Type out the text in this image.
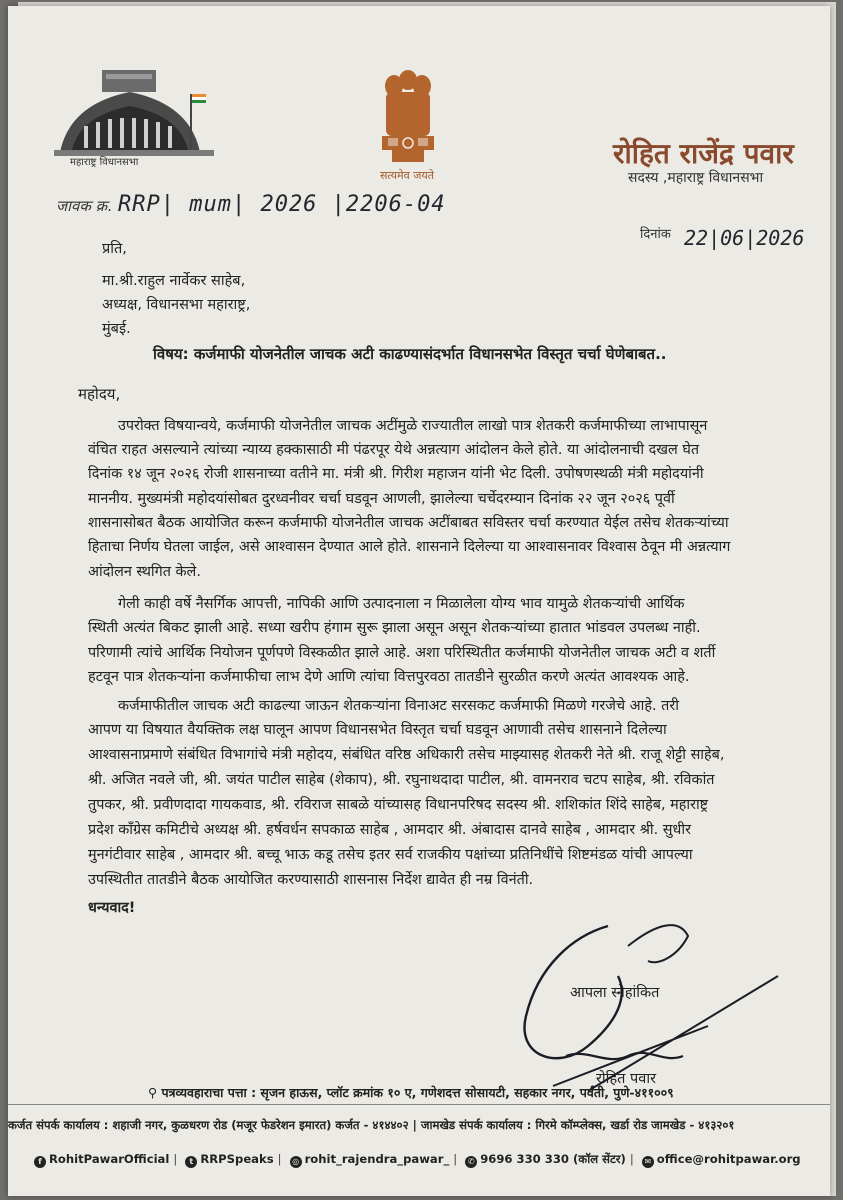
महाराष्ट्र विधानसभा
सत्यमेव जयते
रोहित राजेंद्र पवार
सदस्य ,महाराष्ट्र विधानसभा
जावक क्र. RRP| mum| 2026 |2206-04
दिनांक 22|06|2026
प्रति,
मा.श्री.राहुल नार्वेकर साहेब,
अध्यक्ष, विधानसभा महाराष्ट्र,
मुंबई.
विषय: कर्जमाफी योजनेतील जाचक अटी काढण्यासंदर्भात विधानसभेत विस्तृत चर्चा घेणेबाबत..
महोदय,
उपरोक्त विषयान्वये, कर्जमाफी योजनेतील जाचक अटींमुळे राज्यातील लाखो पात्र शेतकरी कर्जमाफीच्या लाभापासून
वंचित राहत असल्याने त्यांच्या न्याय्य हक्कासाठी मी पंढरपूर येथे अन्नत्याग आंदोलन केले होते. या आंदोलनाची दखल घेत
दिनांक १४ जून २०२६ रोजी शासनाच्या वतीने मा. मंत्री श्री. गिरीश महाजन यांनी भेट दिली. उपोषणस्थळी मंत्री महोदयांनी
माननीय. मुख्यमंत्री महोदयांसोबत दुरध्वनीवर चर्चा घडवून आणली, झालेल्या चर्चेदरम्यान दिनांक २२ जून २०२६ पूर्वी
शासनासोबत बैठक आयोजित करून कर्जमाफी योजनेतील जाचक अटींबाबत सविस्तर चर्चा करण्यात येईल तसेच शेतकऱ्यांच्या
हिताचा निर्णय घेतला जाईल, असे आश्वासन देण्यात आले होते. शासनाने दिलेल्या या आश्वासनावर विश्वास ठेवून मी अन्नत्याग
आंदोलन स्थगित केले.
गेली काही वर्षे नैसर्गिक आपत्ती, नापिकी आणि उत्पादनाला न मिळालेला योग्य भाव यामुळे शेतकऱ्यांची आर्थिक
स्थिती अत्यंत बिकट झाली आहे. सध्या खरीप हंगाम सुरू झाला असून असून शेतकऱ्यांच्या हातात भांडवल उपलब्ध नाही.
परिणामी त्यांचे आर्थिक नियोजन पूर्णपणे विस्कळीत झाले आहे. अशा परिस्थितीत कर्जमाफी योजनेतील जाचक अटी व शर्ती
हटवून पात्र शेतकऱ्यांना कर्जमाफीचा लाभ देणे आणि त्यांचा वित्तपुरवठा तातडीने सुरळीत करणे अत्यंत आवश्यक आहे.
कर्जमाफीतील जाचक अटी काढल्या जाऊन शेतकऱ्यांना विनाअट सरसकट कर्जमाफी मिळणे गरजेचे आहे. तरी
आपण या विषयात वैयक्तिक लक्ष घालून आपण विधानसभेत विस्तृत चर्चा घडवून आणावी तसेच शासनाने दिलेल्या
आश्वासनाप्रमाणे संबंधित विभागांचे मंत्री महोदय, संबंधित वरिष्ठ अधिकारी तसेच माझ्यासह शेतकरी नेते श्री. राजू शेट्टी साहेब,
श्री. अजित नवले जी, श्री. जयंत पाटील साहेब (शेकाप), श्री. रघुनाथदादा पाटील, श्री. वामनराव चटप साहेब, श्री. रविकांत
तुपकर, श्री. प्रवीणदादा गायकवाड, श्री. रविराज साबळे यांच्यासह विधानपरिषद सदस्य श्री. शशिकांत शिंदे साहेब, महाराष्ट्र
प्रदेश कॉंग्रेस कमिटीचे अध्यक्ष श्री. हर्षवर्धन सपकाळ साहेब , आमदार श्री. अंबादास दानवे साहेब , आमदार श्री. सुधीर
मुनगंटीवार साहेब , आमदार श्री. बच्चू भाऊ कडू तसेच इतर सर्व राजकीय पक्षांच्या प्रतिनिधींचे शिष्टमंडळ यांची आपल्या
उपस्थितीत तातडीने बैठक आयोजित करण्यासाठी शासनास निर्देश द्यावेत ही नम्र विनंती.
धन्यवाद!
आपला स्नेहांकित
रोहित पवार
⚲ पत्रव्यवहाराचा पत्ता : सृजन हाऊस, प्लॉट क्रमांक १० ए, गणेशदत्त सोसायटी, सहकार नगर, पर्वती, पुणे-४११००९
कर्जत संपर्क कार्यालय : शहाजी नगर, कुळधरण रोड (मजूर फेडरेशन इमारत) कर्जत - ४१४४०२ | जामखेड संपर्क कार्यालय : गिरमे कॉम्प्लेक्स, खर्डा रोड जामखेड - ४१३२०१
f RohitPawarOfficial | t RRPSpeaks | ◎ rohit_rajendra_pawar_ | ✆ 9696 330 330 (कॉल सेंटर) | ✉ office@rohitpawar.org
